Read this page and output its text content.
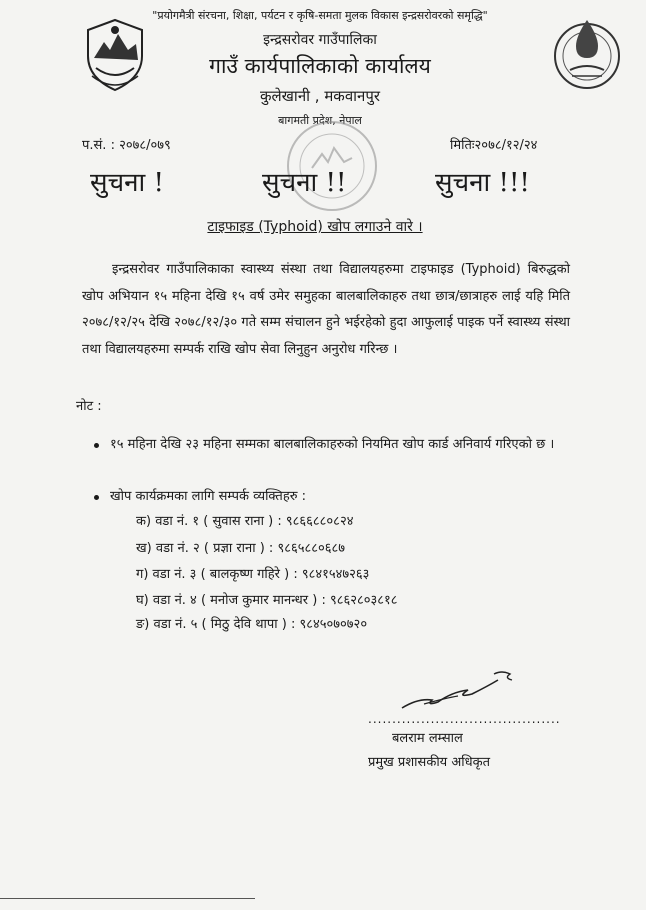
"प्रयोगमैत्री संरचना, शिक्षा, पर्यटन र कृषि-समता मुलक विकास इन्द्रसरोवरको समृद्धि"
इन्द्रसरोवर गाउँपालिका
गाउँ कार्यपालिकाको कार्यालय
कुलेखानी , मकवानपुर
बागमती प्रदेश, नेपाल
प.सं. : २०७८/०७९	मितिः२०७८/१२/२४
सुचना !	सुचना !!	सुचना !!!
टाइफाइड (Typhoid) खोप लगाउने वारे ।
इन्द्रसरोवर गाउँपालिकाका स्वास्थ्य संस्था तथा विद्यालयहरुमा टाइफाइड (Typhoid) बिरुद्धको खोप अभियान १५ महिना देखि १५ वर्ष उमेर समुहका बालबालिकाहरु तथा छात्र/छात्राहरु लाई यहि मिति २०७८/१२/२५ देखि २०७८/१२/३० गते सम्म संचालन हुने भईरहेको हुदा आफुलाई पाइक पर्ने स्वास्थ्य संस्था तथा विद्यालयहरुमा सम्पर्क राखि खोप सेवा लिनुहुन अनुरोध गरिन्छ ।
नोट :
१५ महिना देखि २३ महिना सम्मका बालबालिकाहरुको नियमित खोप कार्ड अनिवार्य गरिएको छ ।
खोप कार्यक्रमका लागि सम्पर्क व्यक्तिहरु :
क) वडा नं. १ ( सुवास राना ) : ९८६६८८०८२४
ख) वडा नं. २ ( प्रज्ञा राना ) : ९८६५८८०६८७
ग) वडा नं. ३ ( बालकृष्ण गहिरे ) : ९८४१५४७२६३
घ) वडा नं. ४ ( मनोज कुमार मानन्धर ) : ९८६२८०३८१८
ङ) वडा नं. ५ ( मिठु देवि थापा ) : ९८४५०७०७२०
........................................
बलराम लम्साल
प्रमुख प्रशासकीय अधिकृत
